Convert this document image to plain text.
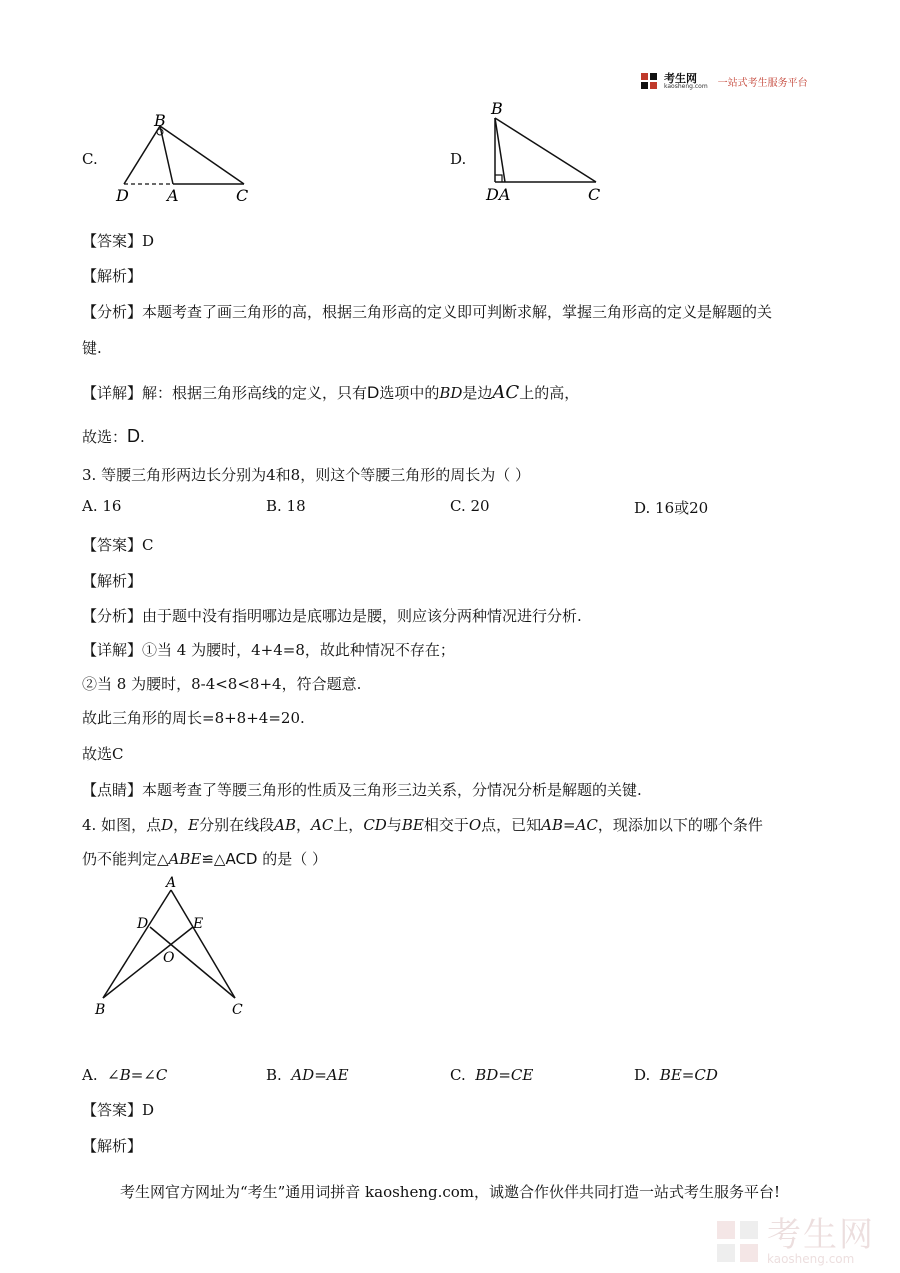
考生网
kaosheng.com 一站式考生服务平台
C.
B
D A	C
D.
B
DA	C
【答案】D
【解析】
【分析】本题考查了画三角形的高，根据三角形高的定义即可判断求解，掌握三角形高的定义是解题的关
键.
【详解】解：根据三角形高线的定义，只有D选项中的BD是边AC上的高，
故选：D.
3. 等腰三角形两边长分别为4和8，则这个等腰三角形的周长为（ ）
A. 16	B. 18	C. 20	D. 16或20
【答案】C
【解析】
【分析】由于题中没有指明哪边是底哪边是腰，则应该分两种情况进行分析.
【详解】①当 4 为腰时，4+4=8，故此种情况不存在；
②当 8 为腰时，8-4<8<8+4，符合题意.
故此三角形的周长=8+8+4=20.
故选C
【点睛】本题考查了等腰三角形的性质及三角形三边关系，分情况分析是解题的关键.
4. 如图，点D，E分别在线段AB，AC上，CD与BE相交于O点，已知AB=AC，现添加以下的哪个条件
仍不能判定△ABE≌△ACD 的是（ ）
A
D	E
O
B	C
A. ∠B=∠C	B. AD=AE	C. BD=CE	D. BE=CD
【答案】D
【解析】
考生网官方网址为“考生”通用词拼音 kaosheng.com，诚邀合作伙伴共同打造一站式考生服务平台!
考生网
kaosheng.com
